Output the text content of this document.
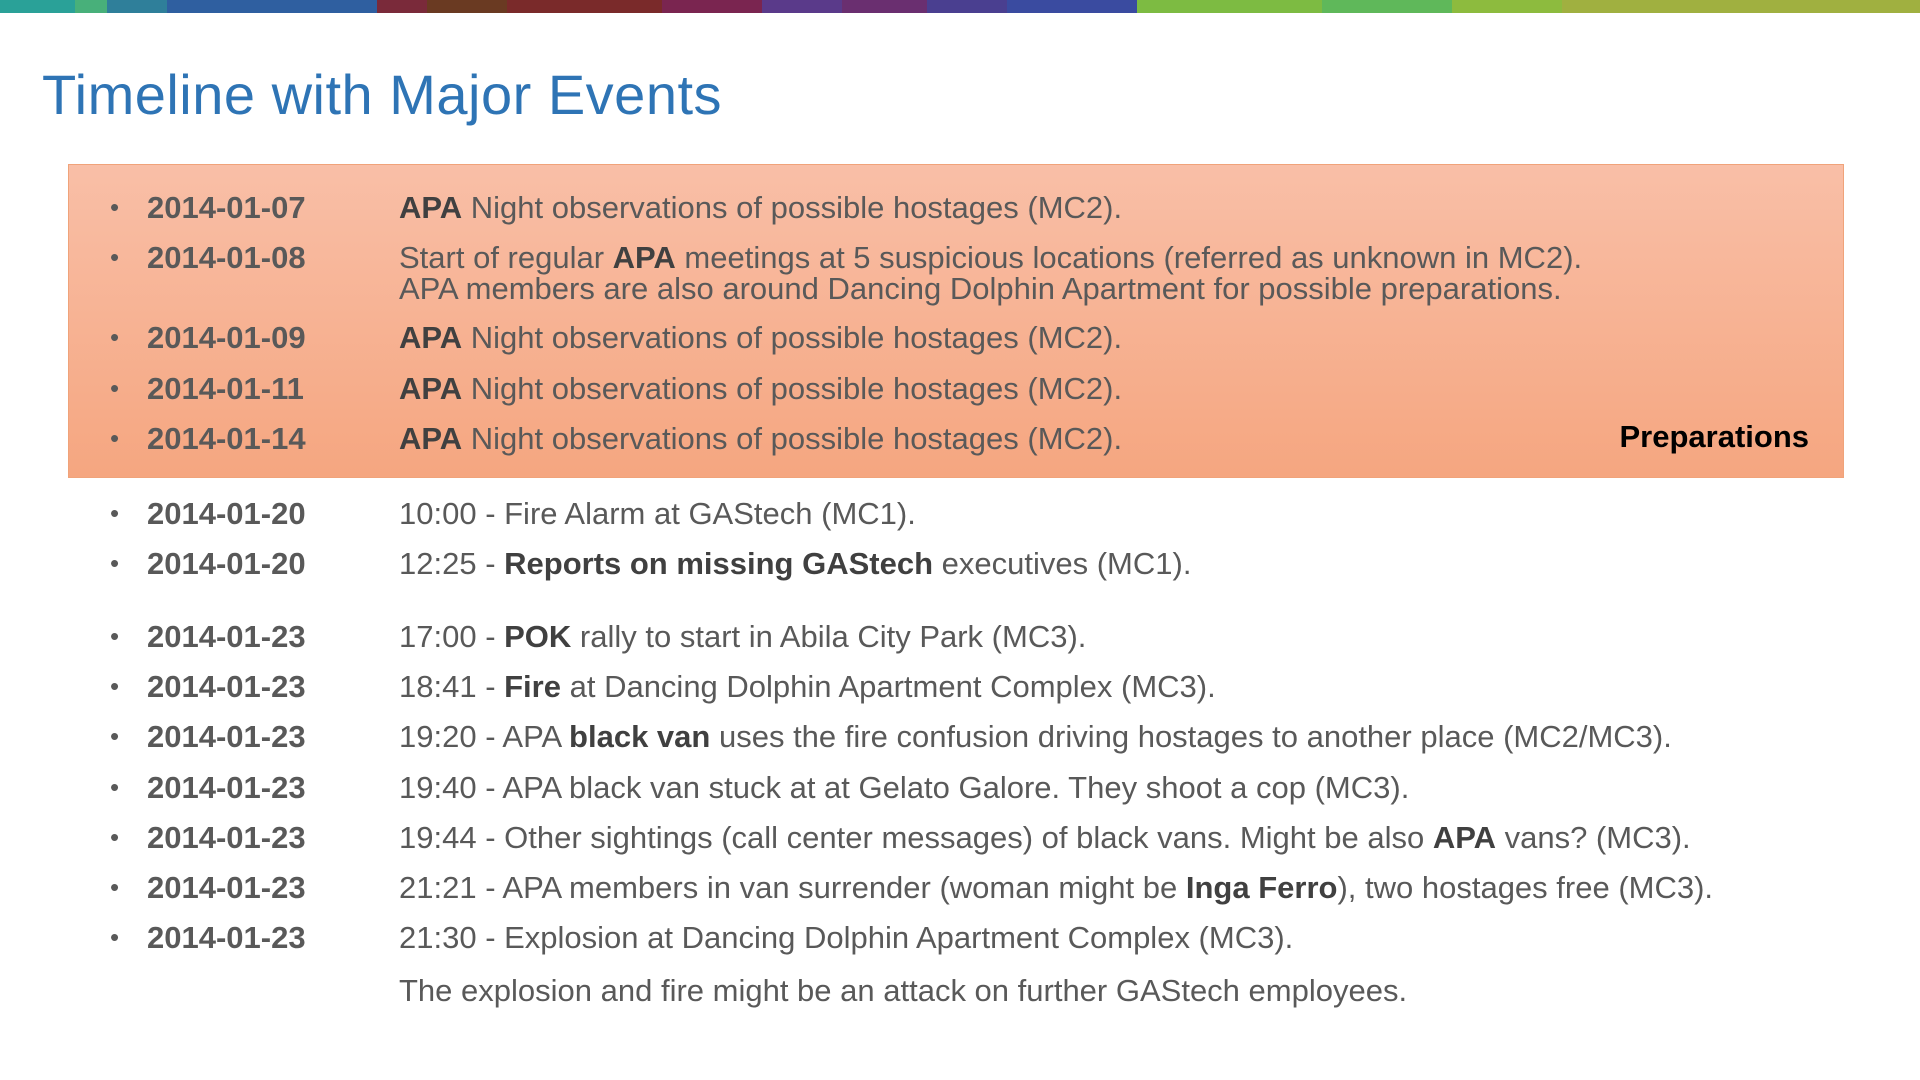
Timeline with Major Events
Preparations
• 2014-01-07	APA Night observations of possible hostages (MC2).
• 2014-01-08	Start of regular APA meetings at 5 suspicious locations (referred as unknown in MC2).
APA members are also around Dancing Dolphin Apartment for possible preparations.
• 2014-01-09	APA Night observations of possible hostages (MC2).
• 2014-01-11	APA Night observations of possible hostages (MC2).
• 2014-01-14	APA Night observations of possible hostages (MC2).
• 2014-01-20	10:00 - Fire Alarm at GAStech (MC1).
• 2014-01-20	12:25 - Reports on missing GAStech executives (MC1).
• 2014-01-23	17:00 - POK rally to start in Abila City Park (MC3).
• 2014-01-23	18:41 - Fire at Dancing Dolphin Apartment Complex (MC3).
• 2014-01-23	19:20 - APA black van uses the fire confusion driving hostages to another place (MC2/MC3).
• 2014-01-23	19:40 - APA black van stuck at at Gelato Galore. They shoot a cop (MC3).
• 2014-01-23	19:44 - Other sightings (call center messages) of black vans. Might be also APA vans? (MC3).
• 2014-01-23	21:21 - APA members in van surrender (woman might be Inga Ferro), two hostages free (MC3).
• 2014-01-23	21:30 - Explosion at Dancing Dolphin Apartment Complex (MC3).
The explosion and fire might be an attack on further GAStech employees.
